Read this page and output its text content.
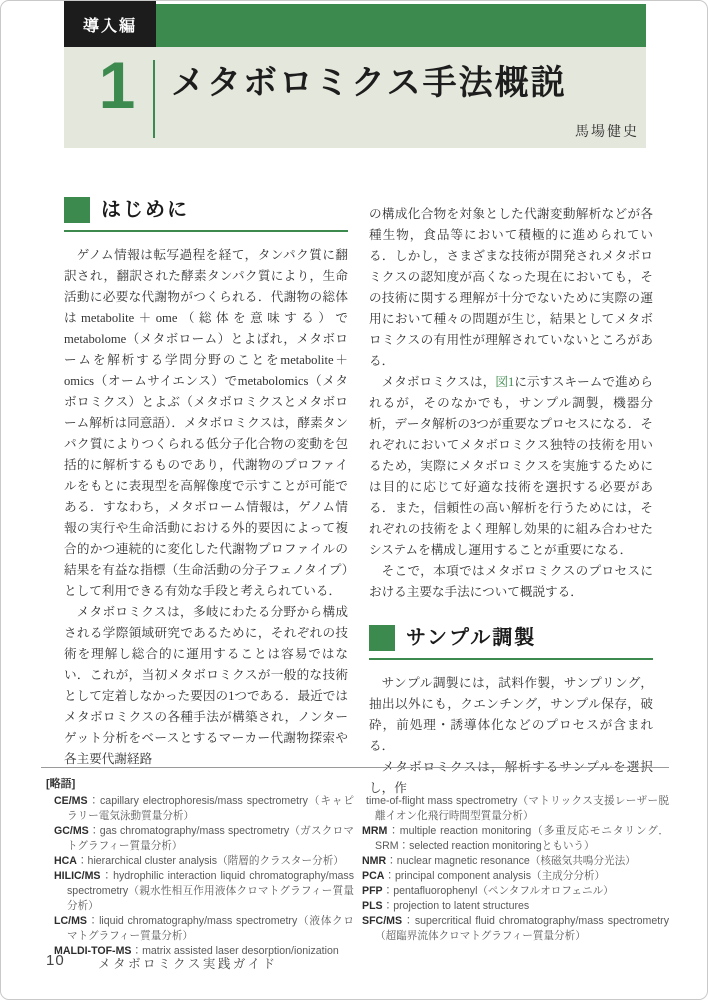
導入編
1	メタボロミクス手法概説
馬場健史
はじめに

ゲノム情報は転写過程を経て，タンパク質に翻訳され，翻訳された酵素タンパク質により，生命活動に必要な代謝物がつくられる．代謝物の総体はmetabolite＋ome（総体を意味する）でmetabolome（メタボローム）とよばれ，メタボロームを解析する学問分野のことをmetabolite＋omics（オームサイエンス）でmetabolomics（メタボロミクス）とよぶ（メタボロミクスとメタボローム解析は同意語）．メタボロミクスは，酵素タンパク質によりつくられる低分子化合物の変動を包括的に解析するものであり，代謝物のプロファイルをもとに表現型を高解像度で示すことが可能である．すなわち，メタボローム情報は，ゲノム情報の実行や生命活動における外的要因によって複合的かつ連続的に変化した代謝物プロファイルの結果を有益な指標（生命活動の分子フェノタイプ）として利用できる有効な手段と考えられている．

メタボロミクスは，多岐にわたる分野から構成される学際領域研究であるために，それぞれの技術を理解し総合的に運用することは容易ではない．これが，当初メタボロミクスが一般的な技術として定着しなかった要因の1つである．最近ではメタボロミクスの各種手法が構築され，ノンターゲット分析をベースとするマーカー代謝物探索や各主要代謝経路

の構成化合物を対象とした代謝変動解析などが各種生物，食品等において積極的に進められている．しかし，さまざまな技術が開発されメタボロミクスの認知度が高くなった現在においても，その技術に関する理解が十分でないために実際の運用において種々の問題が生じ，結果としてメタボロミクスの有用性が理解されていないところがある．

メタボロミクスは，図1に示すスキームで進められるが，そのなかでも，サンプル調製，機器分析，データ解析の3つが重要なプロセスになる．それぞれにおいてメタボロミクス独特の技術を用いるため，実際にメタボロミクスを実施するためには目的に応じて好適な技術を選択する必要がある．また，信頼性の高い解析を行うためには，それぞれの技術をよく理解し効果的に組み合わせたシステムを構成し運用することが重要になる．

そこで，本項ではメタボロミクスのプロセスにおける主要な手法について概説する．

サンプル調製

サンプル調製には，試料作製，サンプリング，抽出以外にも，クエンチング，サンプル保存，破砕，前処理・誘導体化などのプロセスが含まれる．

メタボロミクスは，解析するサンプルを選択し，作

[略語]

CE/MS：capillary electrophoresis/mass spectrometry（キャピラリー電気泳動質量分析）

GC/MS：gas chromatography/mass spectrometry（ガスクロマトグラフィー質量分析）

HCA：hierarchical cluster analysis（階層的クラスター分析）

HILIC/MS：hydrophilic interaction liquid chromatography/mass spectrometry（親水性相互作用液体クロマトグラフィー質量分析）

LC/MS：liquid chromatography/mass spectrometry（液体クロマトグラフィー質量分析）

MALDI-TOF-MS：matrix assisted laser desorption/ionization

time-of-flight mass spectrometry（マトリックス支援レーザー脱離イオン化飛行時間型質量分析）

MRM：multiple reaction monitoring（多重反応モニタリング．SRM：selected reaction monitoringともいう）

NMR：nuclear magnetic resonance（核磁気共鳴分光法）

PCA：principal component analysis（主成分分析）

PFP：pentafluorophenyl（ペンタフルオロフェニル）

PLS：projection to latent structures

SFC/MS：supercritical fluid chromatography/mass spectrometry（超臨界流体クロマトグラフィー質量分析）

10	メタボロミクス実践ガイド
